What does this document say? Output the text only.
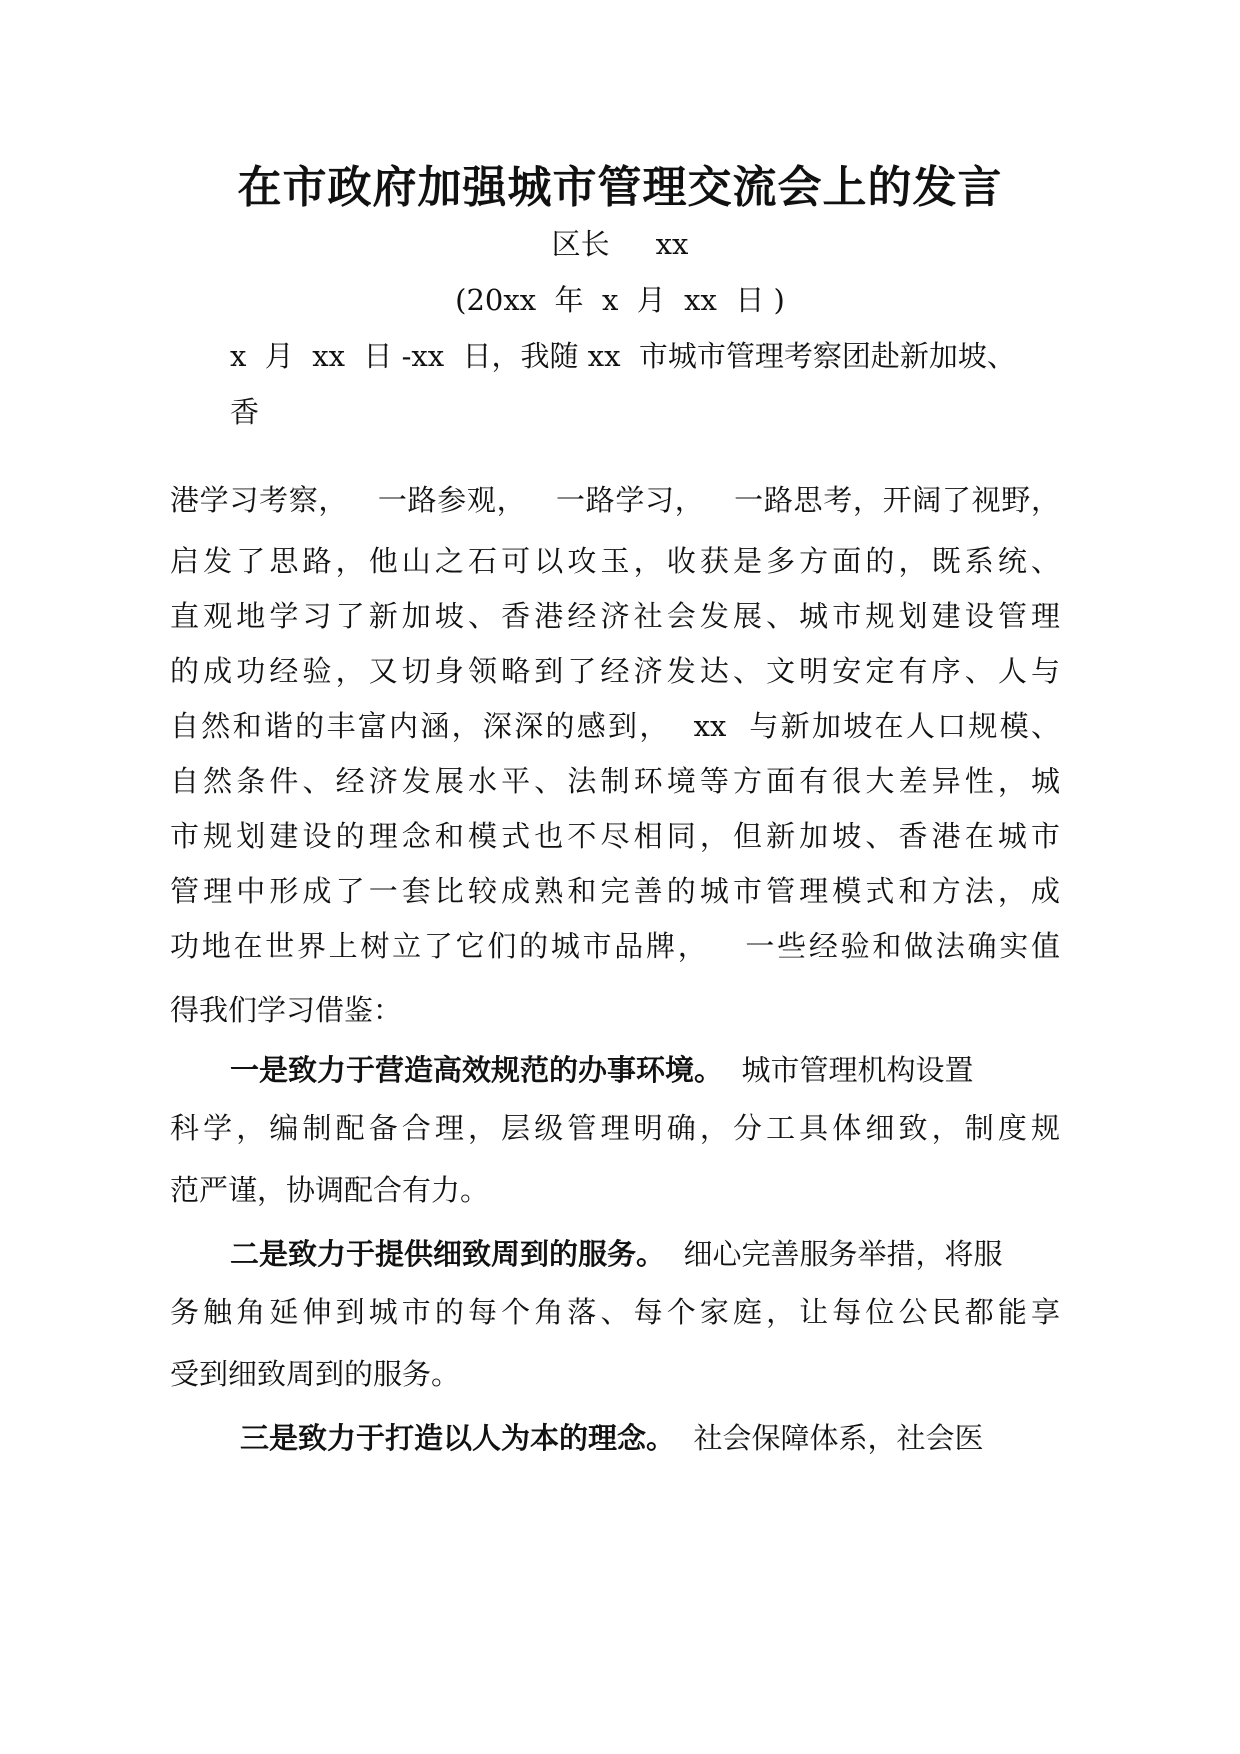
在市政府加强城市管理交流会上的发言
区长     xx
(20xx  年  x  月  xx  日 )

x  月  xx  日 -xx  日，我随 xx  市城市管理考察团赴新加坡、

香

港学习考察，   一路参观，   一路学习，   一路思考，开阔了视野，

启发了思路，他山之石可以攻玉，收获是多方面的，既系统、

直观地学习了新加坡、香港经济社会发展、城市规划建设管理

的成功经验，又切身领略到了经济发达、文明安定有序、人与

自然和谐的丰富内涵，深深的感到，  xx  与新加坡在人口规模、

自然条件、经济发展水平、法制环境等方面有很大差异性，城

市规划建设的理念和模式也不尽相同，但新加坡、香港在城市

管理中形成了一套比较成熟和完善的城市管理模式和方法，成

功地在世界上树立了它们的城市品牌，   一些经验和做法确实值

得我们学习借鉴：

一是致力于营造高效规范的办事环境。  城市管理机构设置

科学，编制配备合理，层级管理明确，分工具体细致，制度规

范严谨，协调配合有力。

二是致力于提供细致周到的服务。  细心完善服务举措，将服

务触角延伸到城市的每个角落、每个家庭，让每位公民都能享

受到细致周到的服务。

三是致力于打造以人为本的理念。  社会保障体系，社会医
